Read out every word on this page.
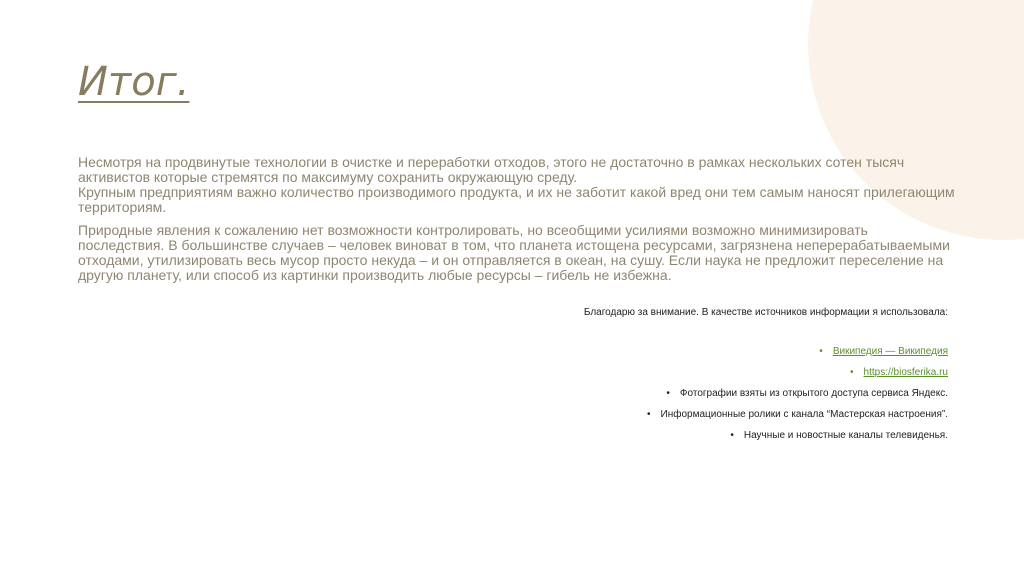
Итог.

Несмотря на продвинутые технологии в очистке и переработки отходов, этого не достаточно в рамках нескольких сотен тысяч активистов которые стремятся по максимуму сохранить окружающую среду.

Крупным предприятиям важно количество производимого продукта, и их не заботит какой вред они тем самым наносят прилегающим территориям.

Природные явления к сожалению нет возможности контролировать, но всеобщими усилиями возможно минимизировать последствия. В большинстве случаев – человек виноват в том, что планета истощена ресурсами, загрязнена неперерабатываемыми отходами, утилизировать весь мусор просто некуда – и он отправляется в океан, на сушу. Если наука не предложит переселение на другую планету, или способ из картинки производить любые ресурсы – гибель не избежна.

Благодарю за внимание. В качестве источников информации я использовала:
• Википедия — Википедия
• https://biosferika.ru
• Фотографии взяты из открытого доступа сервиса Яндекс.
• Информационные ролики с канала “Мастерская настроения”.
• Научные и новостные каналы телевиденья.
